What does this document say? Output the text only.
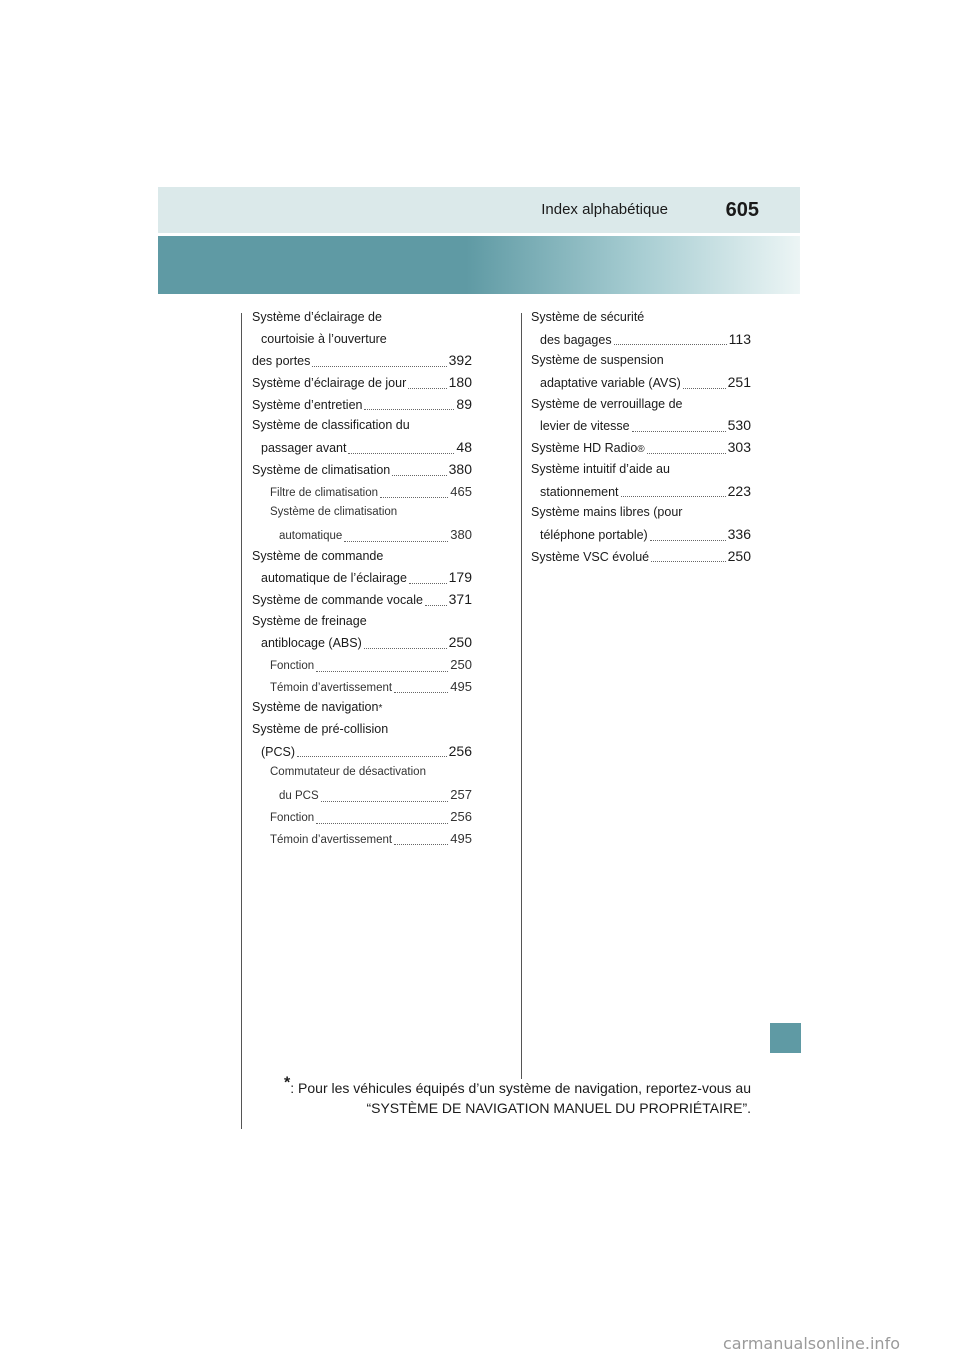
Index alphabétique	605
Système d’éclairage de
courtoisie à l’ouverture
des portes	392
Système d’éclairage de jour	180
Système d’entretien	89
Système de classification du
passager avant	48
Système de climatisation	380
Filtre de climatisation	465
Système de climatisation
automatique	380
Système de commande
automatique de l’éclairage	179
Système de commande vocale 371
Système de freinage
antiblocage (ABS)	250
Fonction	250
Témoin d’avertissement	495
Système de navigation *
Système de pré-collision
(PCS)	256
Commutateur de désactivation
du PCS	257
Fonction	256
Témoin d’avertissement	495
Système de sécurité
des bagages	113
Système de suspension
adaptative variable (AVS)	251
Système de verrouillage de
levier de vitesse	530
Système HD Radio ®	303
Système intuitif d’aide au
stationnement	223
Système mains libres (pour
téléphone portable)	336
Système VSC évolué	250
*: Pour les véhicules équipés d’un système de navigation, reportez-vous au
“SYSTÈME DE NAVIGATION MANUEL DU PROPRIÉTAIRE”.
carmanualsonline.info
